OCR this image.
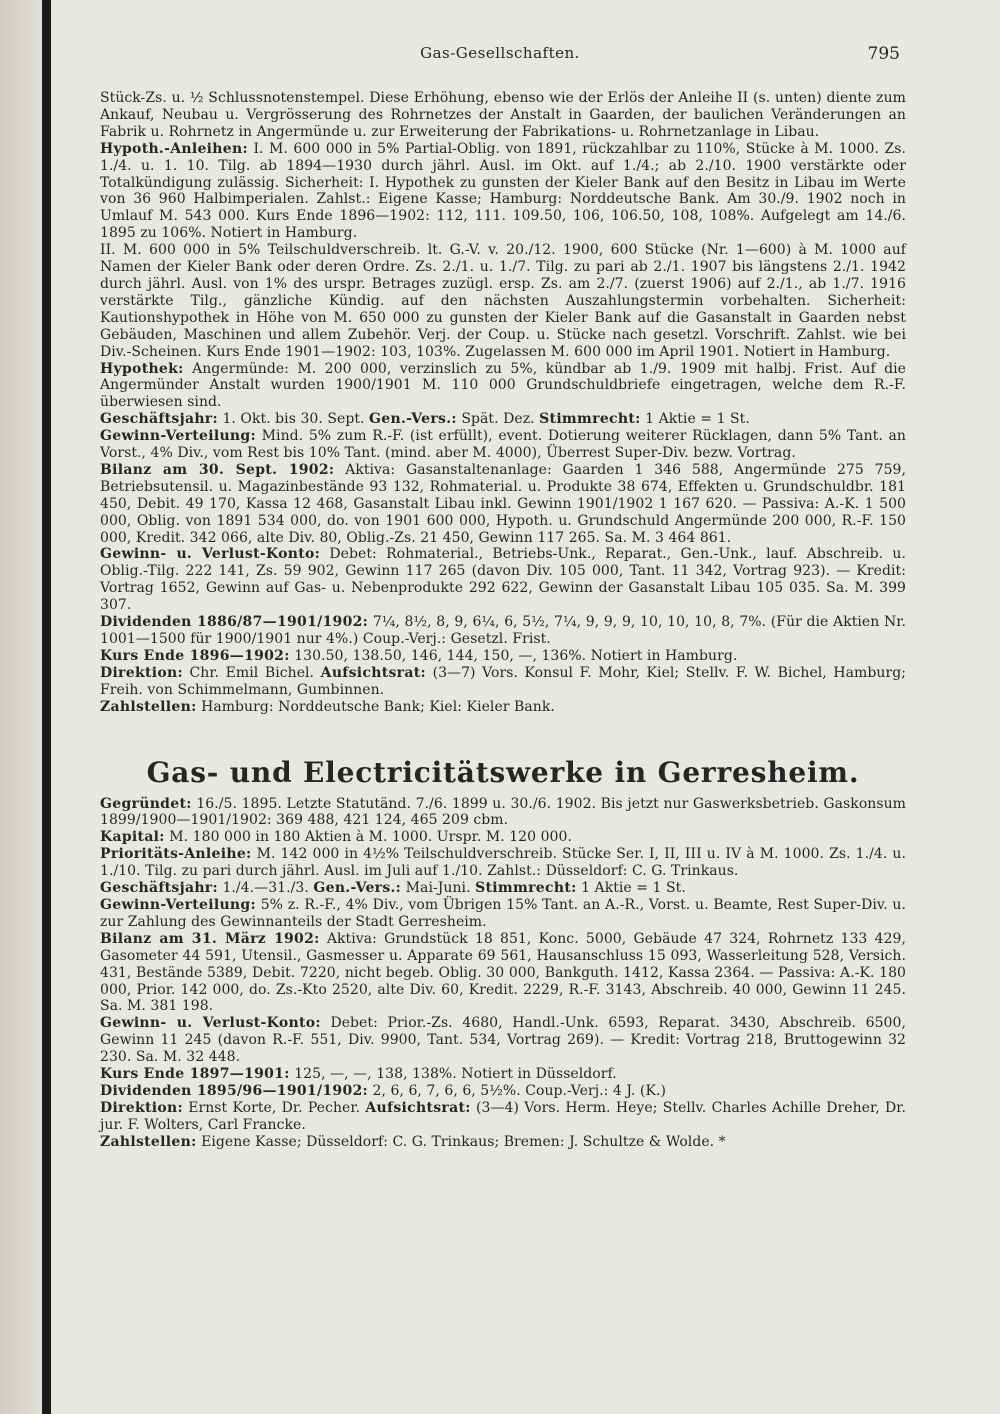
Gas-Gesellschaften.	795

Stück-Zs. u. ½ Schlussnotenstempel. Diese Erhöhung, ebenso wie der Erlös der Anleihe II (s. unten) diente zum Ankauf, Neubau u. Vergrösserung des Rohrnetzes der Anstalt in Gaarden, der baulichen Veränderungen an Fabrik u. Rohrnetz in Angermünde u. zur Erweiterung der Fabrikations- u. Rohrnetzanlage in Libau.

Hypoth.-Anleihen: I. M. 600 000 in 5% Partial-Oblig. von 1891, rückzahlbar zu 110%, Stücke à M. 1000. Zs. 1./4. u. 1. 10. Tilg. ab 1894—1930 durch jährl. Ausl. im Okt. auf 1./4.; ab 2./10. 1900 verstärkte oder Totalkündigung zulässig. Sicherheit: I. Hypothek zu gunsten der Kieler Bank auf den Besitz in Libau im Werte von 36 960 Halbimperialen. Zahlst.: Eigene Kasse; Hamburg: Norddeutsche Bank. Am 30./9. 1902 noch in Umlauf M. 543 000. Kurs Ende 1896—1902: 112, 111. 109.50, 106, 106.50, 108, 108%. Aufgelegt am 14./6. 1895 zu 106%. Notiert in Hamburg.

II. M. 600 000 in 5% Teilschuldverschreib. lt. G.-V. v. 20./12. 1900, 600 Stücke (Nr. 1—600) à M. 1000 auf Namen der Kieler Bank oder deren Ordre. Zs. 2./1. u. 1./7. Tilg. zu pari ab 2./1. 1907 bis längstens 2./1. 1942 durch jährl. Ausl. von 1% des urspr. Betrages zuzügl. ersp. Zs. am 2./7. (zuerst 1906) auf 2./1., ab 1./7. 1916 verstärkte Tilg., gänzliche Kündig. auf den nächsten Auszahlungstermin vorbehalten. Sicherheit: Kautionshypothek in Höhe von M. 650 000 zu gunsten der Kieler Bank auf die Gasanstalt in Gaarden nebst Gebäuden, Maschinen und allem Zubehör. Verj. der Coup. u. Stücke nach gesetzl. Vorschrift. Zahlst. wie bei Div.-Scheinen. Kurs Ende 1901—1902: 103, 103%. Zugelassen M. 600 000 im April 1901. Notiert in Hamburg.

Hypothek: Angermünde: M. 200 000, verzinslich zu 5%, kündbar ab 1./9. 1909 mit halbj. Frist. Auf die Angermünder Anstalt wurden 1900/1901 M. 110 000 Grundschuldbriefe eingetragen, welche dem R.-F. überwiesen sind.

Geschäftsjahr: 1. Okt. bis 30. Sept. Gen.-Vers.: Spät. Dez. Stimmrecht: 1 Aktie = 1 St.

Gewinn-Verteilung: Mind. 5% zum R.-F. (ist erfüllt), event. Dotierung weiterer Rücklagen, dann 5% Tant. an Vorst., 4% Div., vom Rest bis 10% Tant. (mind. aber M. 4000), Überrest Super-Div. bezw. Vortrag.

Bilanz am 30. Sept. 1902: Aktiva: Gasanstaltenanlage: Gaarden 1 346 588, Angermünde 275 759, Betriebsutensil. u. Magazinbestände 93 132, Rohmaterial. u. Produkte 38 674, Effekten u. Grundschuldbr. 181 450, Debit. 49 170, Kassa 12 468, Gasanstalt Libau inkl. Gewinn 1901/1902 1 167 620. — Passiva: A.-K. 1 500 000, Oblig. von 1891 534 000, do. von 1901 600 000, Hypoth. u. Grundschuld Angermünde 200 000, R.-F. 150 000, Kredit. 342 066, alte Div. 80, Oblig.-Zs. 21 450, Gewinn 117 265. Sa. M. 3 464 861.

Gewinn- u. Verlust-Konto: Debet: Rohmaterial., Betriebs-Unk., Reparat., Gen.-Unk., lauf. Abschreib. u. Oblig.-Tilg. 222 141, Zs. 59 902, Gewinn 117 265 (davon Div. 105 000, Tant. 11 342, Vortrag 923). — Kredit: Vortrag 1652, Gewinn auf Gas- u. Nebenprodukte 292 622, Gewinn der Gasanstalt Libau 105 035. Sa. M. 399 307.

Dividenden 1886/87—1901/1902: 7¼, 8½, 8, 9, 6¼, 6, 5½, 7¼, 9, 9, 9, 10, 10, 10, 8, 7%. (Für die Aktien Nr. 1001—1500 für 1900/1901 nur 4%.) Coup.-Verj.: Gesetzl. Frist.

Kurs Ende 1896—1902: 130.50, 138.50, 146, 144, 150, —, 136%. Notiert in Hamburg.

Direktion: Chr. Emil Bichel. Aufsichtsrat: (3—7) Vors. Konsul F. Mohr, Kiel; Stellv. F. W. Bichel, Hamburg; Freih. von Schimmelmann, Gumbinnen.

Zahlstellen: Hamburg: Norddeutsche Bank; Kiel: Kieler Bank.

Gas- und Electricitätswerke in Gerresheim.

Gegründet: 16./5. 1895. Letzte Statutänd. 7./6. 1899 u. 30./6. 1902. Bis jetzt nur Gaswerksbetrieb. Gaskonsum 1899/1900—1901/1902: 369 488, 421 124, 465 209 cbm.

Kapital: M. 180 000 in 180 Aktien à M. 1000. Urspr. M. 120 000.

Prioritäts-Anleihe: M. 142 000 in 4½% Teilschuldverschreib. Stücke Ser. I, II, III u. IV à M. 1000. Zs. 1./4. u. 1./10. Tilg. zu pari durch jährl. Ausl. im Juli auf 1./10. Zahlst.: Düsseldorf: C. G. Trinkaus.

Geschäftsjahr: 1./4.—31./3. Gen.-Vers.: Mai-Juni. Stimmrecht: 1 Aktie = 1 St.

Gewinn-Verteilung: 5% z. R.-F., 4% Div., vom Übrigen 15% Tant. an A.-R., Vorst. u. Beamte, Rest Super-Div. u. zur Zahlung des Gewinnanteils der Stadt Gerresheim.

Bilanz am 31. März 1902: Aktiva: Grundstück 18 851, Konc. 5000, Gebäude 47 324, Rohrnetz 133 429, Gasometer 44 591, Utensil., Gasmesser u. Apparate 69 561, Hausanschluss 15 093, Wasserleitung 528, Versich. 431, Bestände 5389, Debit. 7220, nicht begeb. Oblig. 30 000, Bankguth. 1412, Kassa 2364. — Passiva: A.-K. 180 000, Prior. 142 000, do. Zs.-Kto 2520, alte Div. 60, Kredit. 2229, R.-F. 3143, Abschreib. 40 000, Gewinn 11 245. Sa. M. 381 198.

Gewinn- u. Verlust-Konto: Debet: Prior.-Zs. 4680, Handl.-Unk. 6593, Reparat. 3430, Abschreib. 6500, Gewinn 11 245 (davon R.-F. 551, Div. 9900, Tant. 534, Vortrag 269). — Kredit: Vortrag 218, Bruttogewinn 32 230. Sa. M. 32 448.

Kurs Ende 1897—1901: 125, —, —, 138, 138%. Notiert in Düsseldorf.

Dividenden 1895/96—1901/1902: 2, 6, 6, 7, 6, 6, 5½%. Coup.-Verj.: 4 J. (K.)

Direktion: Ernst Korte, Dr. Pecher. Aufsichtsrat: (3—4) Vors. Herm. Heye; Stellv. Charles Achille Dreher, Dr. jur. F. Wolters, Carl Francke.

Zahlstellen: Eigene Kasse; Düsseldorf: C. G. Trinkaus; Bremen: J. Schultze & Wolde. *
